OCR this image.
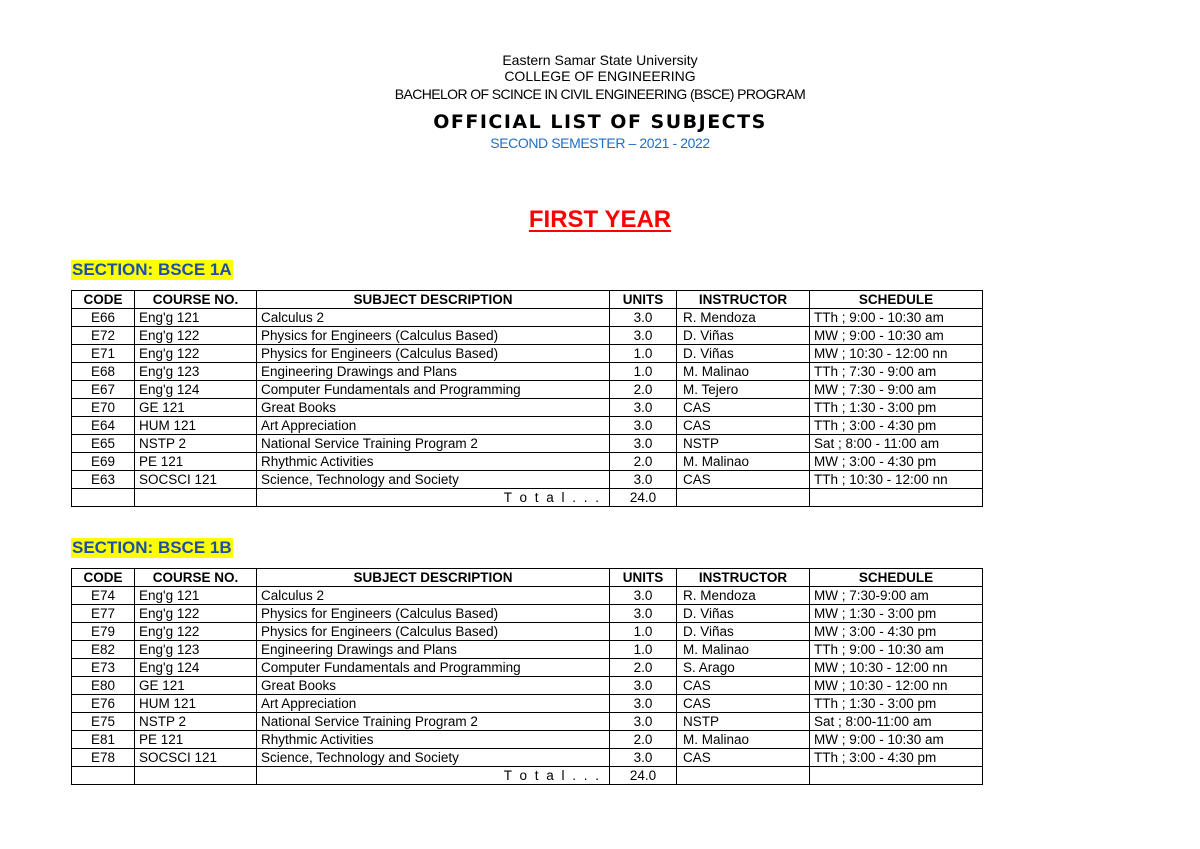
Eastern Samar State University
COLLEGE OF ENGINEERING
BACHELOR OF SCINCE IN CIVIL ENGINEERING (BSCE) PROGRAM
OFFICIAL LIST OF SUBJECTS
SECOND SEMESTER – 2021 - 2022
FIRST YEAR
SECTION: BSCE 1A
CODE	COURSE NO.	SUBJECT DESCRIPTION	UNITS	INSTRUCTOR	SCHEDULE
E66	Eng'g 121	Calculus 2	3.0	R. Mendoza	TTh ; 9:00 - 10:30 am
E72	Eng'g 122	Physics for Engineers (Calculus Based)	3.0	D. Viñas	MW ; 9:00 - 10:30 am
E71	Eng'g 122	Physics for Engineers (Calculus Based)	1.0	D. Viñas	MW ; 10:30 - 12:00 nn
E68	Eng'g 123	Engineering Drawings and Plans	1.0	M. Malinao	TTh ; 7:30 - 9:00 am
E67	Eng'g 124	Computer Fundamentals and Programming	2.0	M. Tejero	MW ; 7:30 - 9:00 am
E70	GE 121	Great Books	3.0	CAS	TTh ; 1:30 - 3:00 pm
E64	HUM 121	Art Appreciation	3.0	CAS	TTh ; 3:00 - 4:30 pm
E65	NSTP 2	National Service Training Program 2	3.0	NSTP	Sat ; 8:00 - 11:00 am
E69	PE 121	Rhythmic Activities	2.0	M. Malinao	MW ; 3:00 - 4:30 pm
E63	SOCSCI 121	Science, Technology and Society	3.0	CAS	TTh ; 10:30 - 12:00 nn
		T o t a l . . .	24.0		
SECTION: BSCE 1B
CODE	COURSE NO.	SUBJECT DESCRIPTION	UNITS	INSTRUCTOR	SCHEDULE
E74	Eng'g 121	Calculus 2	3.0	R. Mendoza	MW ; 7:30-9:00 am
E77	Eng'g 122	Physics for Engineers (Calculus Based)	3.0	D. Viñas	MW ; 1:30 - 3:00 pm
E79	Eng'g 122	Physics for Engineers (Calculus Based)	1.0	D. Viñas	MW ; 3:00 - 4:30 pm
E82	Eng'g 123	Engineering Drawings and Plans	1.0	M. Malinao	TTh ; 9:00 - 10:30 am
E73	Eng'g 124	Computer Fundamentals and Programming	2.0	S. Arago	MW ; 10:30 - 12:00 nn
E80	GE 121	Great Books	3.0	CAS	MW ; 10:30 - 12:00 nn
E76	HUM 121	Art Appreciation	3.0	CAS	TTh ; 1:30 - 3:00 pm
E75	NSTP 2	National Service Training Program 2	3.0	NSTP	Sat ; 8:00-11:00 am
E81	PE 121	Rhythmic Activities	2.0	M. Malinao	MW ; 9:00 - 10:30 am
E78	SOCSCI 121	Science, Technology and Society	3.0	CAS	TTh ; 3:00 - 4:30 pm
		T o t a l . . .	24.0		
